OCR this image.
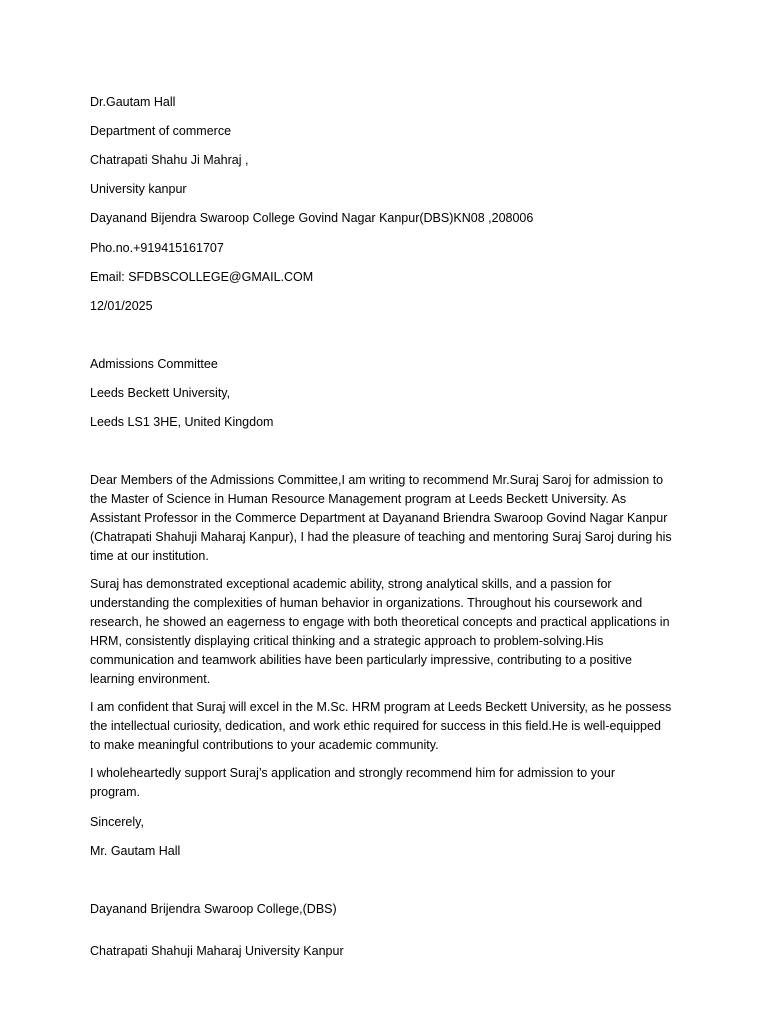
Dr.Gautam Hall
Department of commerce
Chatrapati Shahu Ji Mahraj ,
University kanpur
Dayanand Bijendra Swaroop College Govind Nagar Kanpur(DBS)KN08 ,208006
Pho.no.+919415161707
Email: SFDBSCOLLEGE@GMAIL.COM
12/01/2025
Admissions Committee
Leeds Beckett University,
Leeds LS1 3HE, United Kingdom
Dear Members of the Admissions Committee,I am writing to recommend Mr.Suraj Saroj for admission to
the Master of Science in Human Resource Management program at Leeds Beckett University. As
Assistant Professor in the Commerce Department at Dayanand Briendra Swaroop Govind Nagar Kanpur
(Chatrapati Shahuji Maharaj Kanpur), I had the pleasure of teaching and mentoring Suraj Saroj during his
time at our institution.
Suraj has demonstrated exceptional academic ability, strong analytical skills, and a passion for
understanding the complexities of human behavior in organizations. Throughout his coursework and
research, he showed an eagerness to engage with both theoretical concepts and practical applications in
HRM, consistently displaying critical thinking and a strategic approach to problem-solving.His
communication and teamwork abilities have been particularly impressive, contributing to a positive
learning environment.
I am confident that Suraj will excel in the M.Sc. HRM program at Leeds Beckett University, as he possess
the intellectual curiosity, dedication, and work ethic required for success in this field.He is well-equipped
to make meaningful contributions to your academic community.
I wholeheartedly support Suraj’s application and strongly recommend him for admission to your
program.
Sincerely,
Mr. Gautam Hall
Dayanand Brijendra Swaroop College,(DBS)
Chatrapati Shahuji Maharaj University Kanpur
